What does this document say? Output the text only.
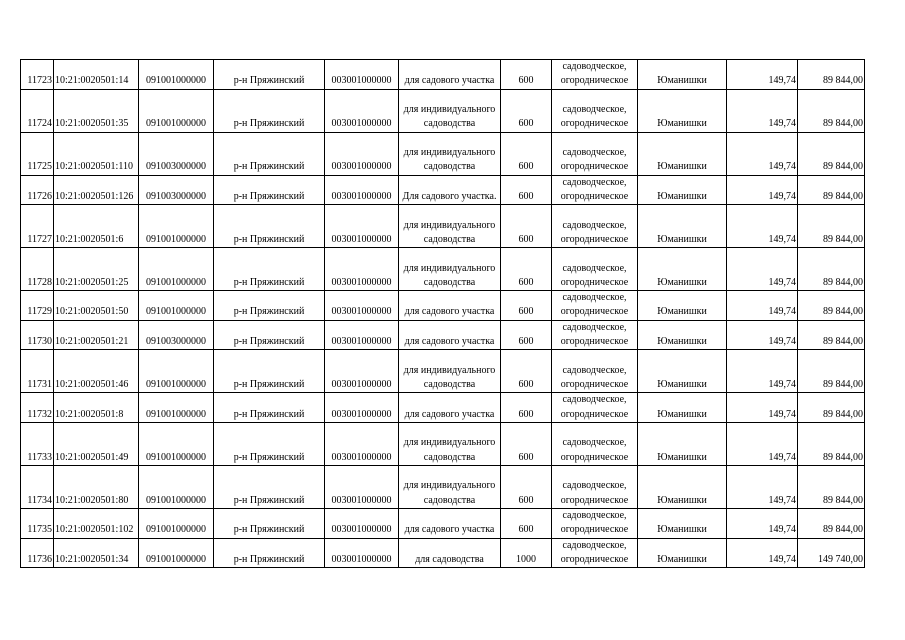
11723	10:21:0020501:14	091001000000	р-н Пряжинский	003001000000	для садового участка	600	садоводческое, огородническое	Юманишки	149,74	89 844,00
11724	10:21:0020501:35	091001000000	р-н Пряжинский	003001000000	для индивидуального садоводства	600	садоводческое, огородническое	Юманишки	149,74	89 844,00
11725	10:21:0020501:110	091003000000	р-н Пряжинский	003001000000	для индивидуального садоводства	600	садоводческое, огородническое	Юманишки	149,74	89 844,00
11726	10:21:0020501:126	091003000000	р-н Пряжинский	003001000000	Для садового участка.	600	садоводческое, огородническое	Юманишки	149,74	89 844,00
11727	10:21:0020501:6	091001000000	р-н Пряжинский	003001000000	для индивидуального садоводства	600	садоводческое, огородническое	Юманишки	149,74	89 844,00
11728	10:21:0020501:25	091001000000	р-н Пряжинский	003001000000	для индивидуального садоводства	600	садоводческое, огородническое	Юманишки	149,74	89 844,00
11729	10:21:0020501:50	091001000000	р-н Пряжинский	003001000000	для садового участка	600	садоводческое, огородническое	Юманишки	149,74	89 844,00
11730	10:21:0020501:21	091003000000	р-н Пряжинский	003001000000	для садового участка	600	садоводческое, огородническое	Юманишки	149,74	89 844,00
11731	10:21:0020501:46	091001000000	р-н Пряжинский	003001000000	для индивидуального садоводства	600	садоводческое, огородническое	Юманишки	149,74	89 844,00
11732	10:21:0020501:8	091001000000	р-н Пряжинский	003001000000	для садового участка	600	садоводческое, огородническое	Юманишки	149,74	89 844,00
11733	10:21:0020501:49	091001000000	р-н Пряжинский	003001000000	для индивидуального садоводства	600	садоводческое, огородническое	Юманишки	149,74	89 844,00
11734	10:21:0020501:80	091001000000	р-н Пряжинский	003001000000	для индивидуального садоводства	600	садоводческое, огородническое	Юманишки	149,74	89 844,00
11735	10:21:0020501:102	091001000000	р-н Пряжинский	003001000000	для садового участка	600	садоводческое, огородническое	Юманишки	149,74	89 844,00
11736	10:21:0020501:34	091001000000	р-н Пряжинский	003001000000	для садоводства	1000	садоводческое, огородническое	Юманишки	149,74	149 740,00
